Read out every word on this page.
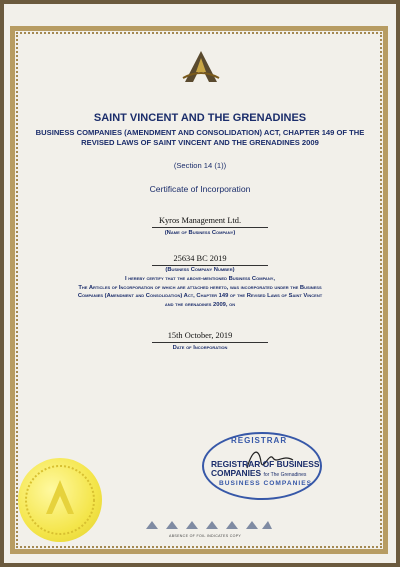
SAINT VINCENT AND THE GRENADINES
BUSINESS COMPANIES (AMENDMENT AND CONSOLIDATION) ACT, CHAPTER 149 OF THE
REVISED LAWS OF SAINT VINCENT AND THE GRENADINES 2009
(Section 14 (1))
Certificate of Incorporation
Kyros Management Ltd.
(Name of Business Company)
25634 BC 2019
(Business Company Number)
I hereby certify that the above-mentioned Business Company,
The Articles of Incorporation of which are attached hereto, was incorporated under the Business
Companies (Amendment and Consolidation) Act, Chapter 149 of the Revised Laws of Saint Vincent
and the grenadines 2009, on
15th October, 2019
Date of Incorporation
REGISTRAR
BUSINESS COMPANIES
REGISTRAR OF BUSINESS
COMPANIES for The Grenadines
ABSENCE OF FOIL INDICATES COPY
